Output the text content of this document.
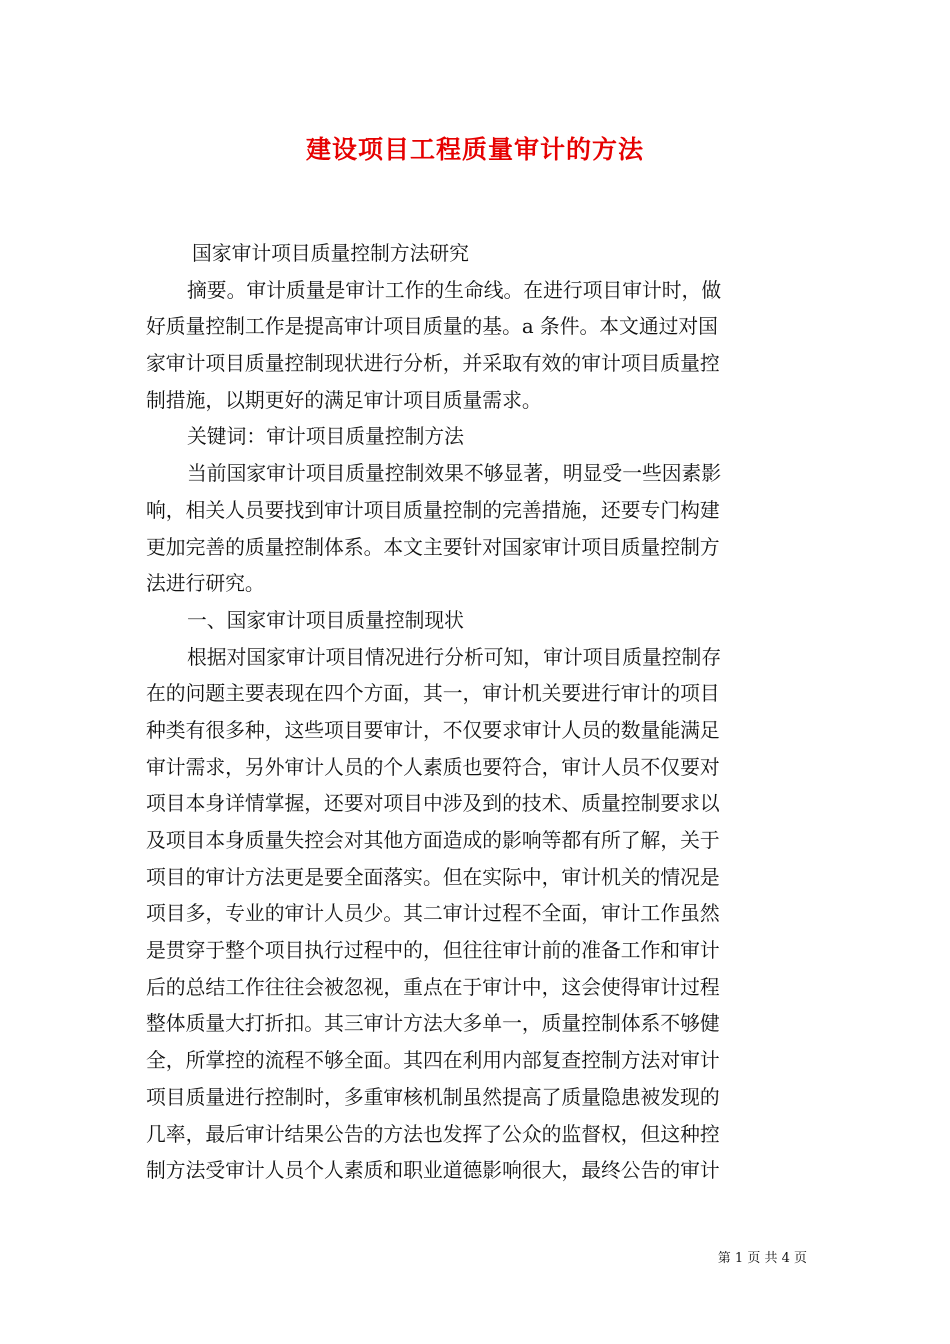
建设项目工程质量审计的方法
国家审计项目质量控制方法研究
摘要。审计质量是审计工作的生命线。在进行项目审计时，做
好质量控制工作是提高审计项目质量的基。a 条件。本文通过对国
家审计项目质量控制现状进行分析，并采取有效的审计项目质量控
制措施，以期更好的满足审计项目质量需求。
关键词：审计项目质量控制方法
当前国家审计项目质量控制效果不够显著，明显受一些因素影
响，相关人员要找到审计项目质量控制的完善措施，还要专门构建
更加完善的质量控制体系。本文主要针对国家审计项目质量控制方
法进行研究。
一、国家审计项目质量控制现状
根据对国家审计项目情况进行分析可知，审计项目质量控制存
在的问题主要表现在四个方面，其一，审计机关要进行审计的项目
种类有很多种，这些项目要审计，不仅要求审计人员的数量能满足
审计需求，另外审计人员的个人素质也要符合，审计人员不仅要对
项目本身详情掌握，还要对项目中涉及到的技术、质量控制要求以
及项目本身质量失控会对其他方面造成的影响等都有所了解，关于
项目的审计方法更是要全面落实。但在实际中，审计机关的情况是
项目多，专业的审计人员少。其二审计过程不全面，审计工作虽然
是贯穿于整个项目执行过程中的，但往往审计前的准备工作和审计
后的总结工作往往会被忽视，重点在于审计中，这会使得审计过程
整体质量大打折扣。其三审计方法大多单一，质量控制体系不够健
全，所掌控的流程不够全面。其四在利用内部复查控制方法对审计
项目质量进行控制时，多重审核机制虽然提高了质量隐患被发现的
几率，最后审计结果公告的方法也发挥了公众的监督权，但这种控
制方法受审计人员个人素质和职业道德影响很大，最终公告的审计
第 1 页 共 4 页
